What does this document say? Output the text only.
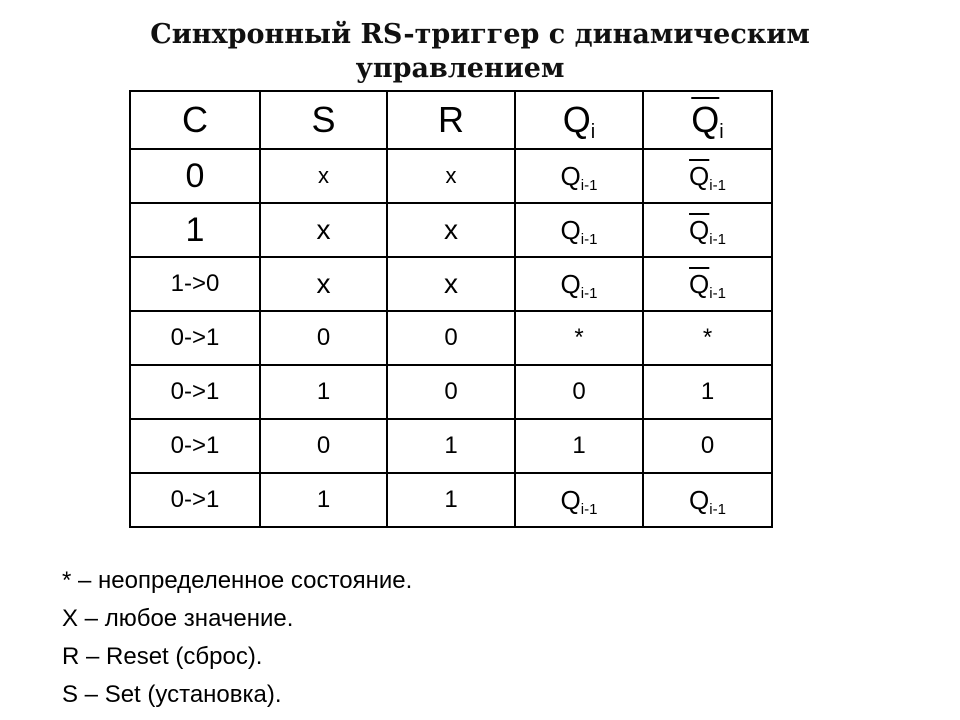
Синхронный RS-триггер с динамическим
управлением
C	S	R	$Q_i$	$\overline{Q}_i$
0	x	x	$Q_{i-1}$	$\overline{Q}_{i-1}$
1	x	x	$Q_{i-1}$	$\overline{Q}_{i-1}$
1->0	x	x	$Q_{i-1}$	$\overline{Q}_{i-1}$
0->1	0	0	*	*
0->1	1	0	0	1
0->1	0	1	1	0
0->1	1	1	$Q_{i-1}$	$Q_{i-1}$
* – неопределенное состояние.
X – любое значение.
R – Reset (сброс).
S – Set (установка).
